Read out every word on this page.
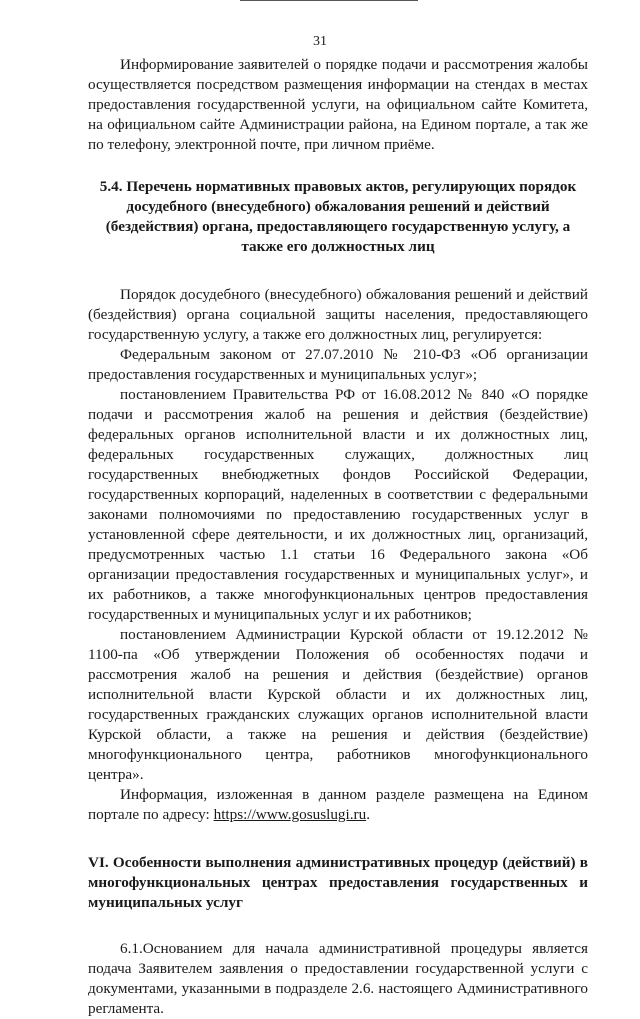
31

Информирование заявителей о порядке подачи и рассмотрения жалобы осуществляется посредством размещения информации на стендах в местах предоставления государственной услуги, на официальном сайте Комитета, на официальном сайте Администрации района, на Едином портале, а так же по телефону, электронной почте, при личном приёме.

5.4. Перечень нормативных правовых актов, регулирующих порядок досудебного (внесудебного) обжалования решений и действий (бездействия) органа, предоставляющего государственную услугу, а также его должностных лиц

Порядок досудебного (внесудебного) обжалования решений и действий (бездействия) органа социальной защиты населения, предоставляющего государственную услугу, а также его должностных лиц, регулируется:

Федеральным законом от 27.07.2010 № 210-ФЗ «Об организации предоставления государственных и муниципальных услуг»;

постановлением Правительства РФ от 16.08.2012 № 840 «О порядке подачи и рассмотрения жалоб на решения и действия (бездействие) федеральных органов исполнительной власти и их должностных лиц, федеральных государственных служащих, должностных лиц государственных внебюджетных фондов Российской Федерации, государственных корпораций, наделенных в соответствии с федеральными законами полномочиями по предоставлению государственных услуг в установленной сфере деятельности, и их должностных лиц, организаций, предусмотренных частью 1.1 статьи 16 Федерального закона «Об организации предоставления государственных и муниципальных услуг», и их работников, а также многофункциональных центров предоставления государственных и муниципальных услуг и их работников;

постановлением Администрации Курской области от 19.12.2012 № 1100-па «Об утверждении Положения об особенностях подачи и рассмотрения жалоб на решения и действия (бездействие) органов исполнительной власти Курской области и их должностных лиц, государственных гражданских служащих органов исполнительной власти Курской области, а также на решения и действия (бездействие) многофункционального центра, работников многофункционального центра».

Информация, изложенная в данном разделе размещена на Едином портале по адресу: https://www.gosuslugi.ru.

VI. Особенности выполнения административных процедур (действий) в многофункциональных центрах предоставления государственных и муниципальных услуг

6.1.Основанием для начала административной процедуры является подача Заявителем заявления о предоставлении государственной услуги с документами, указанными в подразделе 2.6. настоящего Административного регламента.
